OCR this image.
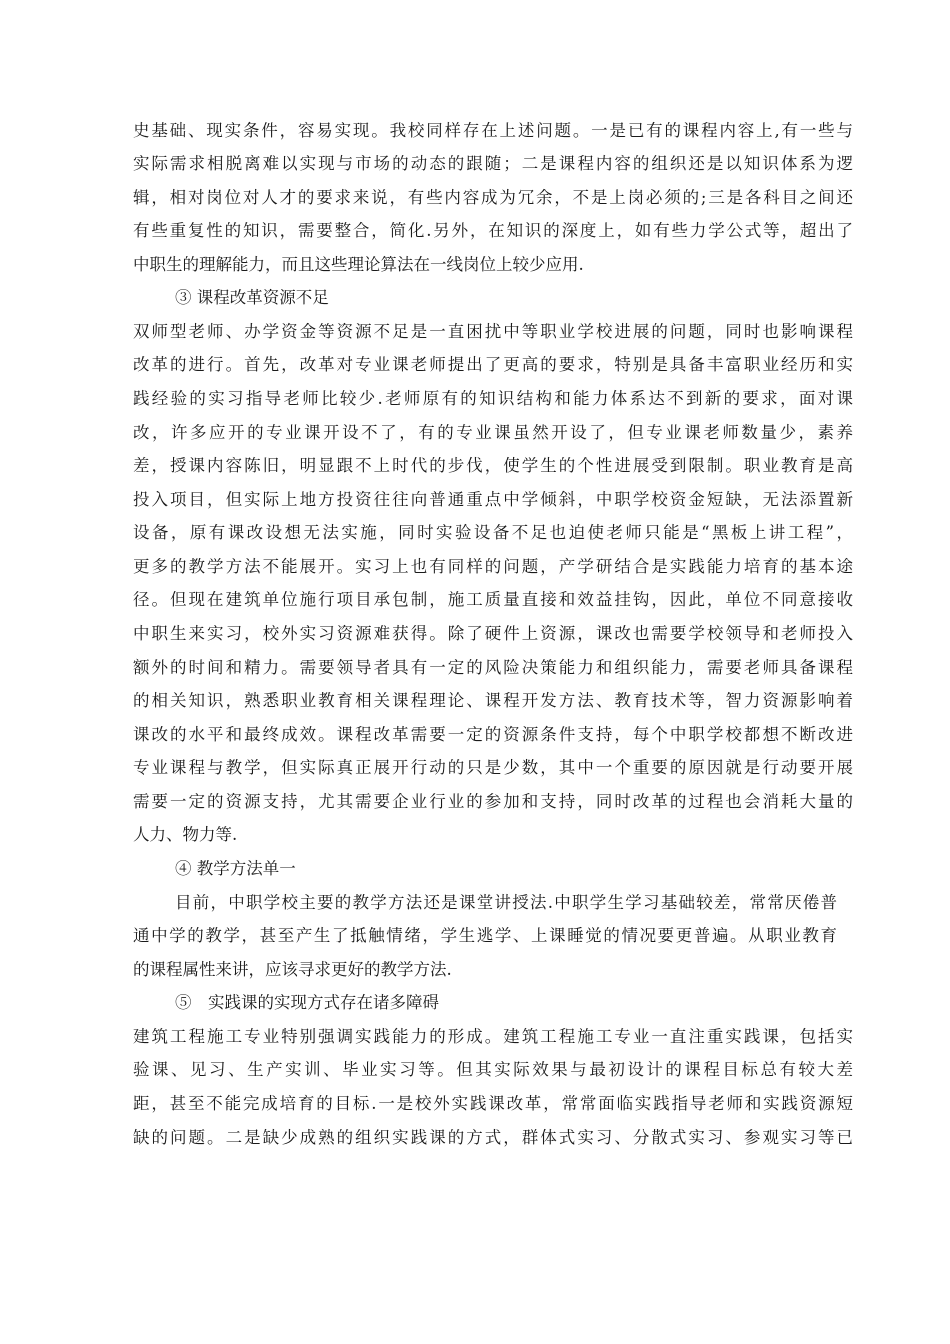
史基础、现实条件，容易实现。我校同样存在上述问题。一是已有的课程内容上,有一些与
实际需求相脱离难以实现与市场的动态的跟随；二是课程内容的组织还是以知识体系为逻
辑，相对岗位对人才的要求来说，有些内容成为冗余，不是上岗必须的;三是各科目之间还
有些重复性的知识，需要整合，简化.另外，在知识的深度上，如有些力学公式等，超出了
中职生的理解能力，而且这些理论算法在一线岗位上较少应用.
③ 课程改革资源不足
双师型老师、办学资金等资源不足是一直困扰中等职业学校进展的问题，同时也影响课程
改革的进行。首先，改革对专业课老师提出了更高的要求，特别是具备丰富职业经历和实
践经验的实习指导老师比较少.老师原有的知识结构和能力体系达不到新的要求，面对课
改，许多应开的专业课开设不了，有的专业课虽然开设了，但专业课老师数量少，素养
差，授课内容陈旧，明显跟不上时代的步伐，使学生的个性进展受到限制。职业教育是高
投入项目，但实际上地方投资往往向普通重点中学倾斜，中职学校资金短缺，无法添置新
设备，原有课改设想无法实施，同时实验设备不足也迫使老师只能是“黑板上讲工程”，
更多的教学方法不能展开。实习上也有同样的问题，产学研结合是实践能力培育的基本途
径。但现在建筑单位施行项目承包制，施工质量直接和效益挂钩，因此，单位不同意接收
中职生来实习，校外实习资源难获得。除了硬件上资源，课改也需要学校领导和老师投入
额外的时间和精力。需要领导者具有一定的风险决策能力和组织能力，需要老师具备课程
的相关知识，熟悉职业教育相关课程理论、课程开发方法、教育技术等，智力资源影响着
课改的水平和最终成效。课程改革需要一定的资源条件支持，每个中职学校都想不断改进
专业课程与教学，但实际真正展开行动的只是少数，其中一个重要的原因就是行动要开展
需要一定的资源支持，尤其需要企业行业的参加和支持，同时改革的过程也会消耗大量的
人力、物力等.
④ 教学方法单一
目前，中职学校主要的教学方法还是课堂讲授法.中职学生学习基础较差，常常厌倦普
通中学的教学，甚至产生了抵触情绪，学生逃学、上课睡觉的情况要更普遍。从职业教育
的课程属性来讲，应该寻求更好的教学方法.
⑤　实践课的实现方式存在诸多障碍
建筑工程施工专业特别强调实践能力的形成。建筑工程施工专业一直注重实践课，包括实
验课、见习、生产实训、毕业实习等。但其实际效果与最初设计的课程目标总有较大差
距，甚至不能完成培育的目标.一是校外实践课改革，常常面临实践指导老师和实践资源短
缺的问题。二是缺少成熟的组织实践课的方式，群体式实习、分散式实习、参观实习等已
